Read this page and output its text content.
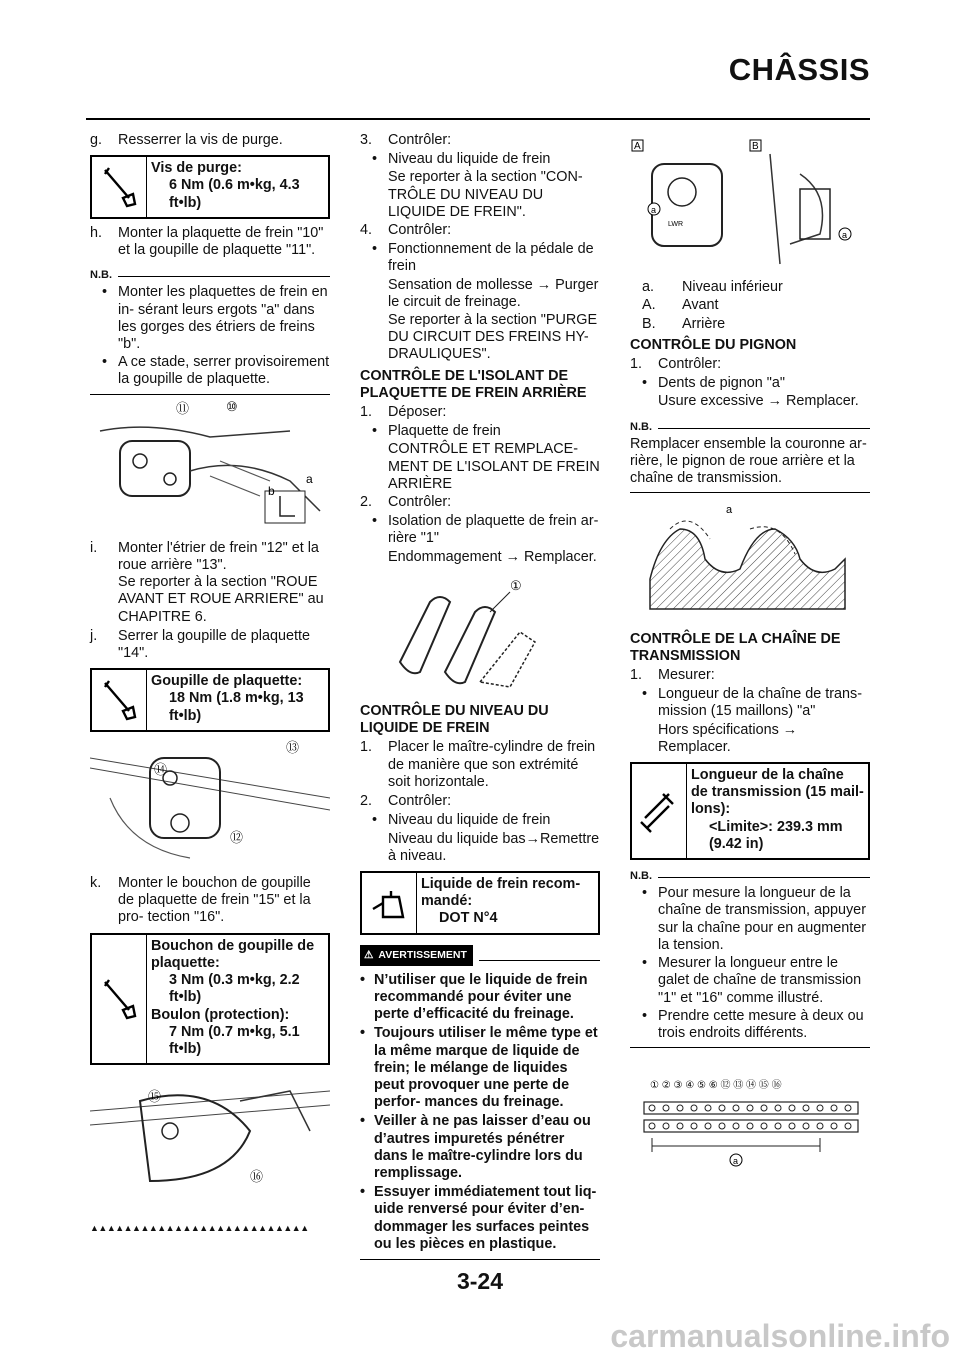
CHÂSSIS
g.	Resserrer la vis de purge.
Vis de purge:
6 Nm (0.6 m•kg, 4.3
ft•lb)
h.	Monter la plaquette de frein "10" et la goupille de plaquette "11".
N.B.
• Monter les plaquettes de frein en in- sérant leurs ergots "a" dans les gorges des étriers de freins "b".
• A ce stade, serrer provisoirement la goupille de plaquette.
⑪	⑩
a
b
i.	Monter l'étrier de frein "12" et la roue arrière "13".
Se reporter à la section "ROUE AVANT ET ROUE ARRIERE" au CHAPITRE 6.
j.	Serrer la goupille de plaquette "14".
Goupille de plaquette:
18 Nm (1.8 m•kg, 13
ft•lb)
⑬
⑭
⑫
k.	Monter le bouchon de goupille de plaquette de frein "15" et la pro- tection "16".
Bouchon de goupille de plaquette:
3 Nm (0.3 m•kg, 2.2
ft•lb)
Boulon (protection):
7 Nm (0.7 m•kg, 5.1
ft•lb)
⑮
⑯
▲▲▲▲▲▲▲▲▲▲▲▲▲▲▲▲▲▲▲▲▲▲▲▲▲▲
3.	Contrôler:
• Niveau du liquide de frein
Se reporter à la section "CON- TRÔLE DU NIVEAU DU LIQUIDE DE FREIN".
4.	Contrôler:
• Fonctionnement de la pédale de frein
Sensation de mollesse → Purger le circuit de freinage.
Se reporter à la section "PURGE DU CIRCUIT DES FREINS HY- DRAULIQUES".
CONTRÔLE DE L'ISOLANT DE PLAQUETTE DE FREIN ARRIÈRE
1.	Déposer:
• Plaquette de frein
CONTRÔLE ET REMPLACE- MENT DE L'ISOLANT DE FREIN ARRIÈRE
2.	Contrôler:
• Isolation de plaquette de frein ar- rière "1"
Endommagement → Remplacer.
①
CONTRÔLE DU NIVEAU DU LIQUIDE DE FREIN
1.	Placer le maître-cylindre de frein de manière que son extrémité soit horizontale.
2.	Contrôler:
• Niveau du liquide de frein
Niveau du liquide bas→Remettre à niveau.
Liquide de frein recom- mandé:
DOT N°4
⚠ AVERTISSEMENT
• N’utiliser que le liquide de frein recommandé pour éviter une perte d’efficacité du freinage.
• Toujours utiliser le même type et la même marque de liquide de frein; le mélange de liquides peut provoquer une perte de perfor- mances du freinage.
• Veiller à ne pas laisser d’eau ou d’autres impuretés pénétrer dans le maître-cylindre lors du remplissage.
• Essuyer immédiatement tout liq- uide renversé pour éviter d’en- dommager les surfaces peintes ou les pièces en plastique.
A	B
LWR
a
a
a.	Niveau inférieur
A.	Avant
B.	Arrière
CONTRÔLE DU PIGNON
1.	Contrôler:
• Dents de pignon "a"
Usure excessive → Remplacer.
N.B.
Remplacer ensemble la couronne ar- rière, le pignon de roue arrière et la chaîne de transmission.
a
CONTRÔLE DE LA CHAÎNE DE TRANSMISSION
1.	Mesurer:
• Longueur de la chaîne de trans- mission (15 maillons) "a"
Hors spécifications → Remplacer.
Longueur de la chaîne de transmission (15 mail- lons):
<Limite>: 239.3 mm
(9.42 in)
N.B.
• Pour mesure la longueur de la chaîne de transmission, appuyer sur la chaîne pour en augmenter la tension.
• Mesurer la longueur entre le galet de chaîne de transmission "1" et "16" comme illustré.
• Prendre cette mesure à deux ou trois endroits différents.
① ② ③ ④ ⑤ ⑥ ⑫ ⑬ ⑭ ⑮ ⑯
a
3-24
carmanualsonline.info
